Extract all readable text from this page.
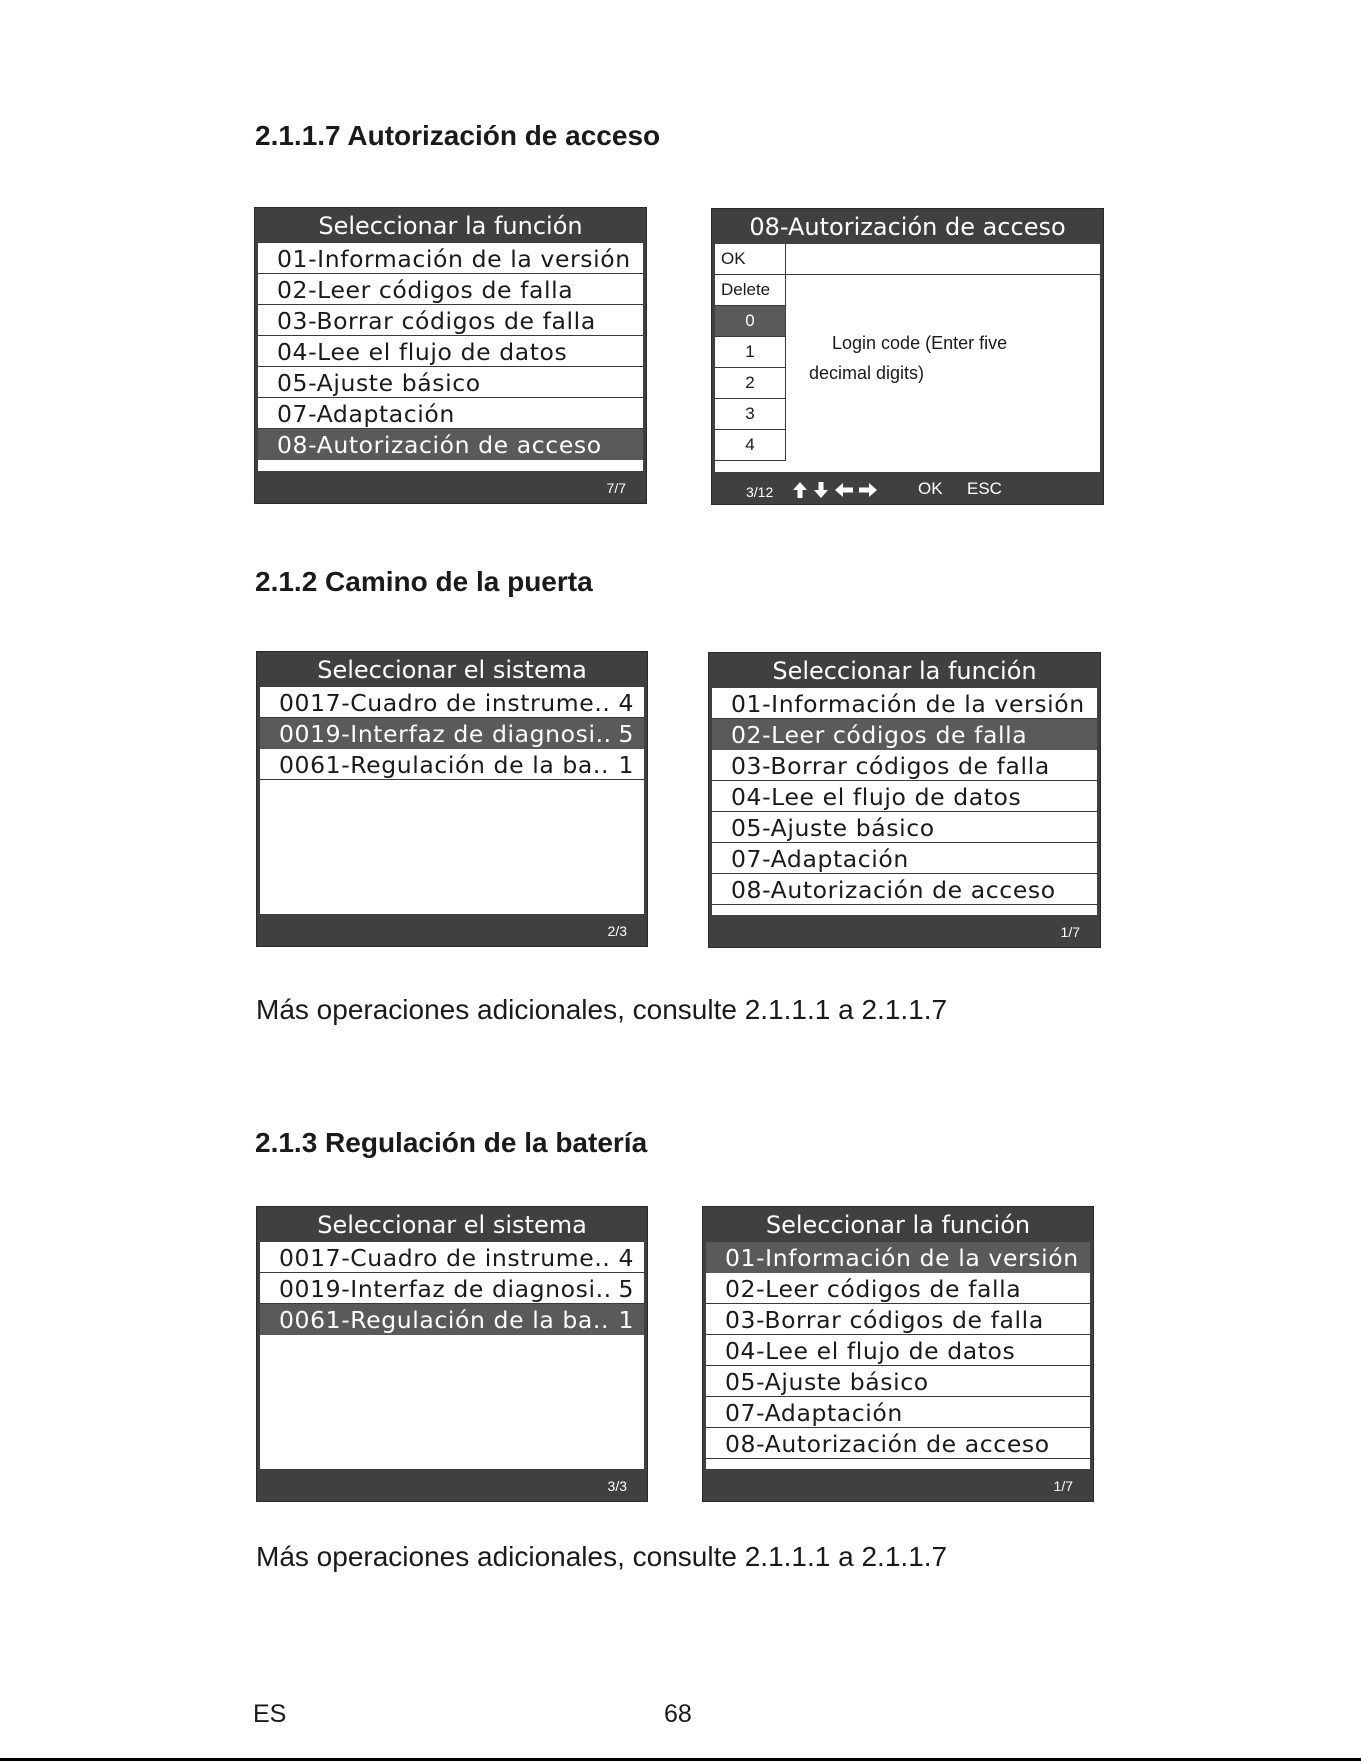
2.1.1.7 Autorización de acceso
Seleccionar la función
01-Información de la versión
02-Leer códigos de falla
03-Borrar códigos de falla
04-Lee el flujo de datos
05-Ajuste básico
07-Adaptación
08-Autorización de acceso
7/7
08-Autorización de acceso
OK
Delete
0
1
2
3
4
Login code (Enter five
decimal digits)
3/12	OK ESC
2.1.2 Camino de la puerta
Seleccionar el sistema
0017-Cuadro de instrume.. 4
0019-Interfaz de diagnosi.. 5
0061-Regulación de la ba.. 1
2/3
Seleccionar la función
01-Información de la versión
02-Leer códigos de falla
03-Borrar códigos de falla
04-Lee el flujo de datos
05-Ajuste básico
07-Adaptación
08-Autorización de acceso
1/7
Más operaciones adicionales, consulte 2.1.1.1 a 2.1.1.7
2.1.3 Regulación de la batería
Seleccionar el sistema
0017-Cuadro de instrume.. 4
0019-Interfaz de diagnosi.. 5
0061-Regulación de la ba.. 1
3/3
Seleccionar la función
01-Información de la versión
02-Leer códigos de falla
03-Borrar códigos de falla
04-Lee el flujo de datos
05-Ajuste básico
07-Adaptación
08-Autorización de acceso
1/7
Más operaciones adicionales, consulte 2.1.1.1 a 2.1.1.7
ES	68
